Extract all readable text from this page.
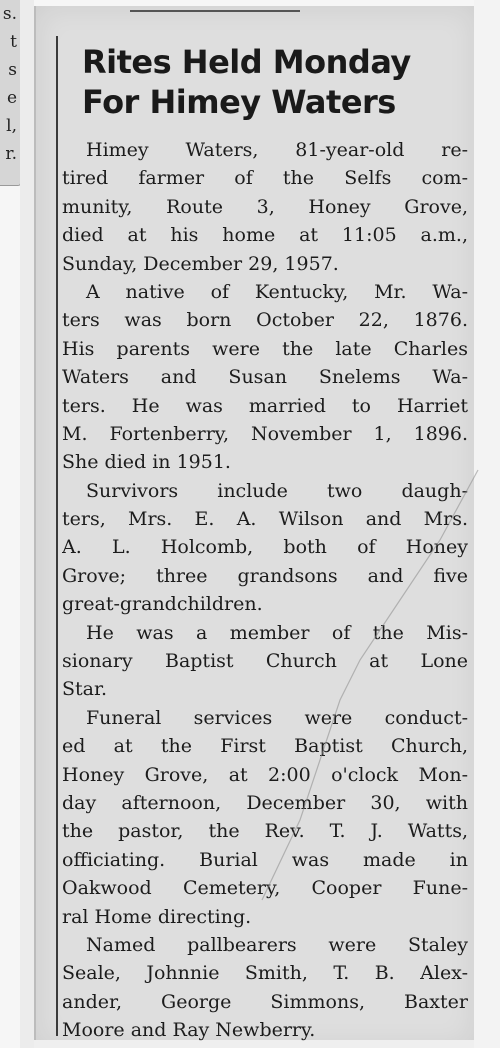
s.
t
s
e
l,
r.
Rites Held Monday
For Himey Waters
Himey Waters, 81-year-old re-
tired farmer of the Selfs com-
munity, Route 3, Honey Grove,
died at his home at 11:05 a.m.,
Sunday, December 29, 1957.
A native of Kentucky, Mr. Wa-
ters was born October 22, 1876.
His parents were the late Charles
Waters and Susan Snelems Wa-
ters. He was married to Harriet
M. Fortenberry, November 1, 1896.
She died in 1951.
Survivors include two daugh-
ters, Mrs. E. A. Wilson and Mrs.
A. L. Holcomb, both of Honey
Grove; three grandsons and five
great-grandchildren.
He was a member of the Mis-
sionary Baptist Church at Lone
Star.
Funeral services were conduct-
ed at the First Baptist Church,
Honey Grove, at 2:00 o'clock Mon-
day afternoon, December 30, with
the pastor, the Rev. T. J. Watts,
officiating. Burial was made in
Oakwood Cemetery, Cooper Fune-
ral Home directing.
Named pallbearers were Staley
Seale, Johnnie Smith, T. B. Alex-
ander, George Simmons, Baxter
Moore and Ray Newberry.
